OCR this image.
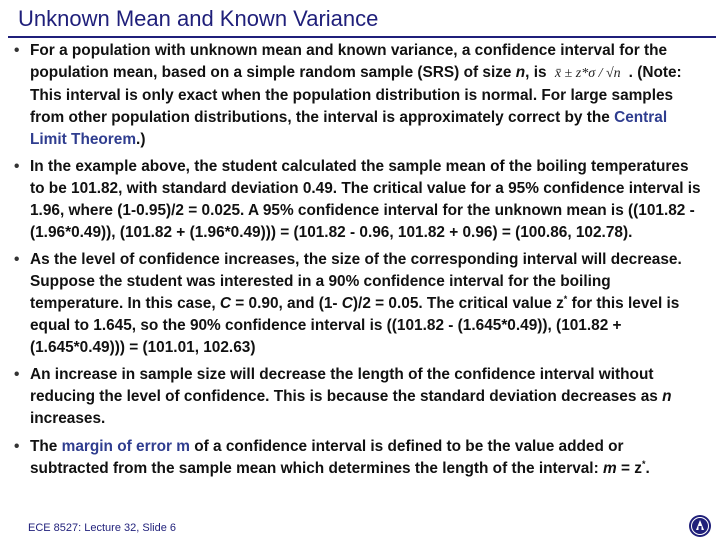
Unknown Mean and Known Variance
• For a population with unknown mean and known variance, a confidence interval for the population mean, based on a simple random sample (SRS) of size n, is x̄ ± z*σ / √n . (Note: This interval is only exact when the population distribution is normal. For large samples from other population distributions, the interval is approximately correct by the Central Limit Theorem.)
• In the example above, the student calculated the sample mean of the boiling temperatures to be 101.82, with standard deviation 0.49. The critical value for a 95% confidence interval is 1.96, where (1-0.95)/2 = 0.025. A 95% confidence interval for the unknown mean is ((101.82 - (1.96*0.49)), (101.82 + (1.96*0.49))) = (101.82 - 0.96, 101.82 + 0.96) = (100.86, 102.78).
• As the level of confidence increases, the size of the corresponding interval will decrease. Suppose the student was interested in a 90% confidence interval for the boiling temperature. In this case, C = 0.90, and (1- C)/2 = 0.05. The critical value z* for this level is equal to 1.645, so the 90% confidence interval is ((101.82 - (1.645*0.49)), (101.82 + (1.645*0.49))) = (101.01, 102.63)
• An increase in sample size will decrease the length of the confidence interval without reducing the level of confidence. This is because the standard deviation decreases as n increases.
• The margin of error m of a confidence interval is defined to be the value added or subtracted from the sample mean which determines the length of the interval: m = z*.
ECE 8527: Lecture 32, Slide 6
